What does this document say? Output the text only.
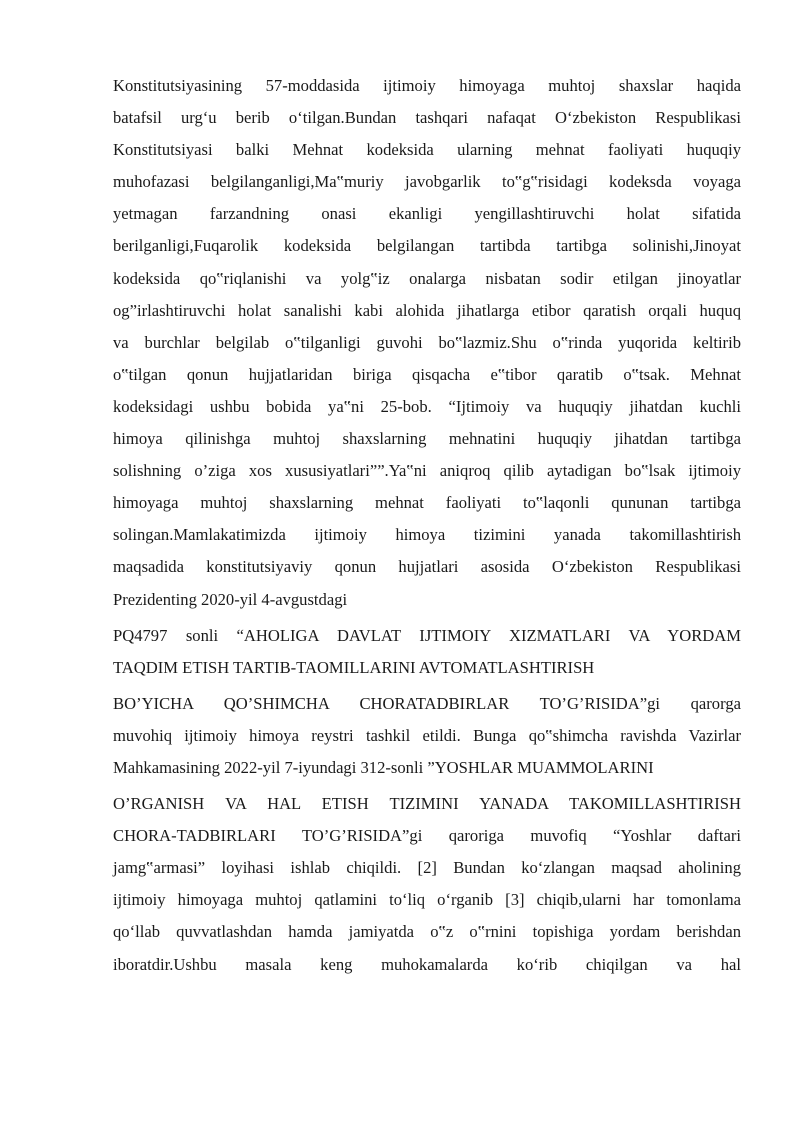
Konstitutsiyasining 57-moddasida ijtimoiy himoyaga muhtoj shaxslar haqida
batafsil urg‘u berib o‘tilgan.Bundan tashqari nafaqat O‘zbekiston Respublikasi
Konstitutsiyasi balki Mehnat kodeksida ularning mehnat faoliyati huquqiy
muhofazasi belgilanganligi,Ma‟muriy javobgarlik to‟g‟risidagi kodeksda voyaga
yetmagan farzandning onasi ekanligi yengillashtiruvchi holat sifatida
berilganligi,Fuqarolik kodeksida belgilangan tartibda tartibga solinishi,Jinoyat
kodeksida qo‟riqlanishi va yolg‟iz onalarga nisbatan sodir etilgan jinoyatlar
og”irlashtiruvchi holat sanalishi kabi alohida jihatlarga etibor qaratish orqali huquq
va burchlar belgilab o‟tilganligi guvohi bo‟lazmiz.Shu o‟rinda yuqorida keltirib
o‟tilgan qonun hujjatlaridan biriga qisqacha e‟tibor qaratib o‟tsak. Mehnat
kodeksidagi ushbu bobida ya‟ni 25-bob. “Ijtimoiy va huquqiy jihatdan kuchli
himoya qilinishga muhtoj shaxslarning mehnatini huquqiy jihatdan tartibga
solishning o’ziga xos xususiyatlari””.Ya‟ni aniqroq qilib aytadigan bo‟lsak ijtimoiy
himoyaga muhtoj shaxslarning mehnat faoliyati to‟laqonli qununan tartibga
solingan.Mamlakatimizda ijtimoiy himoya tizimini yanada takomillashtirish
maqsadida konstitutsiyaviy qonun hujjatlari asosida O‘zbekiston Respublikasi
Prezidenting 2020-yil 4-avgustdagi

PQ4797 sonli “AHOLIGA DAVLAT IJTIMOIY XIZMATLARI VA YORDAM
TAQDIM ETISH TARTIB-TAOMILLARINI AVTOMATLASHTIRISH

BO’YICHA QO’SHIMCHA CHORATADBIRLAR TO’G’RISIDA”gi qarorga
muvohiq ijtimoiy himoya reystri tashkil etildi. Bunga qo‟shimcha ravishda Vazirlar
Mahkamasining 2022-yil 7-iyundagi 312-sonli ”YOSHLAR MUAMMOLARINI

O’RGANISH VA HAL ETISH TIZIMINI YANADA TAKOMILLASHTIRISH
CHORA-TADBIRLARI TO’G’RISIDA”gi qaroriga muvofiq “Yoshlar daftari
jamg‟armasi” loyihasi ishlab chiqildi. [2] Bundan ko‘zlangan maqsad aholining
ijtimoiy himoyaga muhtoj qatlamini to‘liq o‘rganib [3] chiqib,ularni har tomonlama
qo‘llab quvvatlashdan hamda jamiyatda o‟z o‟rnini topishiga yordam berishdan
iboratdir.Ushbu masala keng muhokamalarda ko‘rib chiqilgan va hal
